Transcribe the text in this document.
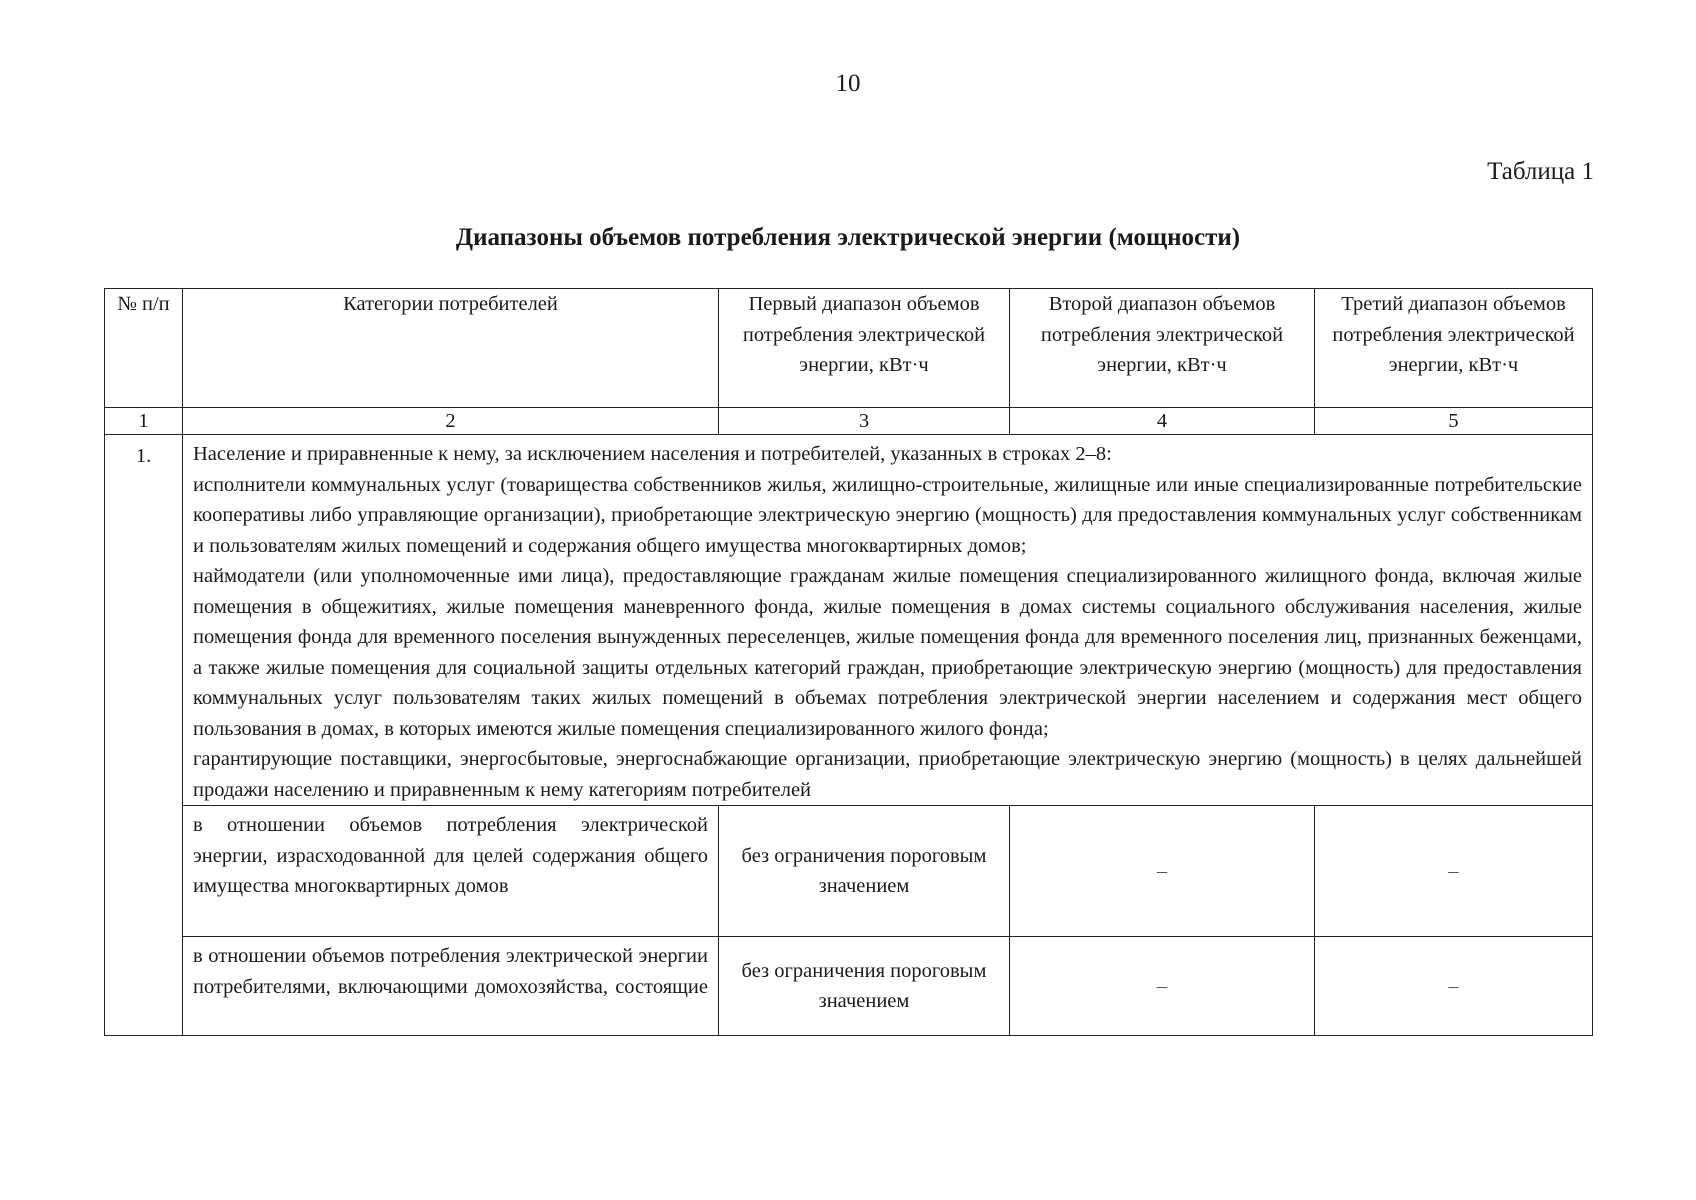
10
Таблица 1
Диапазоны объемов потребления электрической энергии (мощности)
№ п/п	Категории потребителей	Первый диапазон объемов потребления электрической энергии, кВт·ч	Второй диапазон объемов потребления электрической энергии, кВт·ч	Третий диапазон объемов потребления электрической энергии, кВт·ч
1	2	3	4	5
1.	Население и приравненные к нему, за исключением населения и потребителей, указанных в строках 2–8:

исполнители коммунальных услуг (товарищества собственников жилья, жилищно-строительные, жилищные или иные специализированные потребительские кооперативы либо управляющие организации), приобретающие электрическую энергию (мощность) для предоставления коммунальных услуг собственникам и пользователям жилых помещений и содержания общего имущества многоквартирных домов;

наймодатели (или уполномоченные ими лица), предоставляющие гражданам жилые помещения специализированного жилищного фонда, включая жилые помещения в общежитиях, жилые помещения маневренного фонда, жилые помещения в домах системы социального обслуживания населения, жилые помещения фонда для временного поселения вынужденных переселенцев, жилые помещения фонда для временного поселения лиц, признанных беженцами, а также жилые помещения для социальной защиты отдельных категорий граждан, приобретающие электрическую энергию (мощность) для предоставления коммунальных услуг пользователям таких жилых помещений в объемах потребления электрической энергии населением и содержания мест общего пользования в домах, в которых имеются жилые помещения специализированного жилого фонда;

гарантирующие поставщики, энергосбытовые, энергоснабжающие организации, приобретающие электрическую энергию (мощность) в целях дальнейшей продажи населению и приравненным к нему категориям потребителей			

	в отношении объемов потребления электрической энергии, израсходованной для целей содержания общего имущества многоквартирных домов	без ограничения пороговым значением	–	–

	в отношении объемов потребления электрической энергии потребителями, включающими домохозяйства, состоящие	без ограничения пороговым значением	–	–
